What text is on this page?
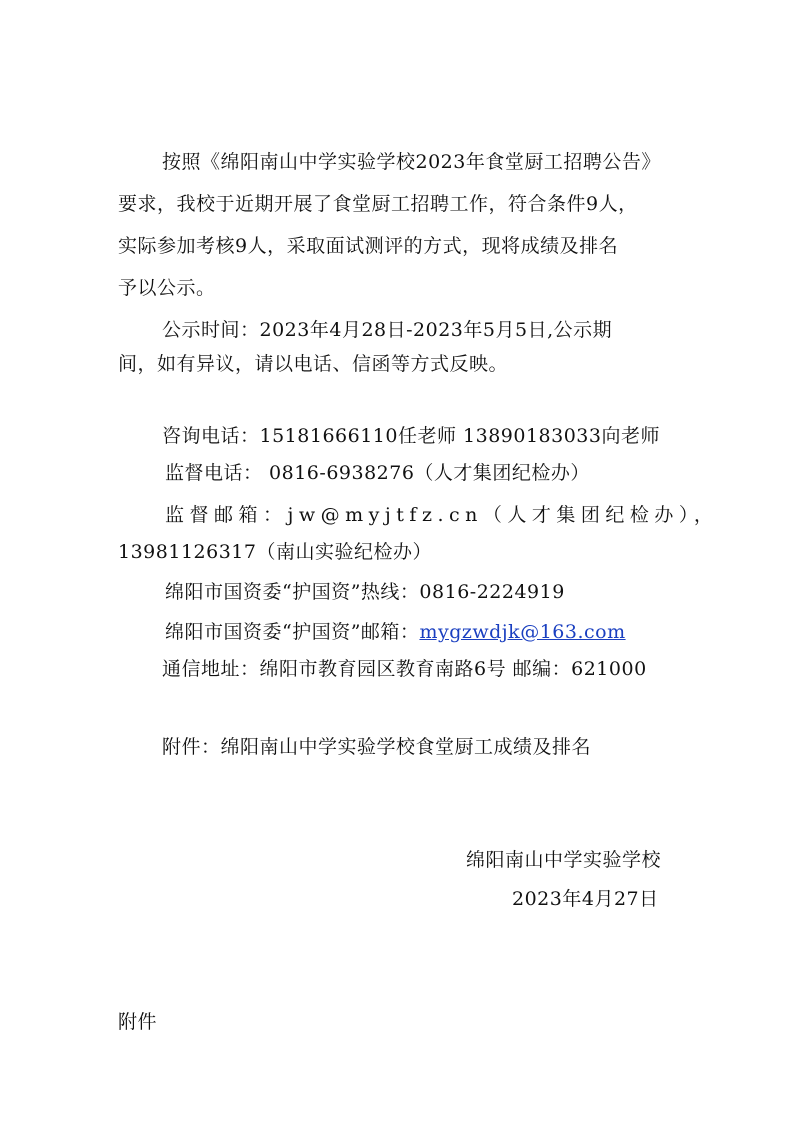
按照《绵阳南山中学实验学校2023年食堂厨工招聘公告》
要求，我校于近期开展了食堂厨工招聘工作，符合条件9人，
实际参加考核9人，采取面试测评的方式，现将成绩及排名
予以公示。
公示时间：2023年4月28日-2023年5月5日,公示期
间，如有异议，请以电话、信函等方式反映。
咨询电话：15181666110任老师 13890183033向老师
监督电话： 0816-6938276（人才集团纪检办）
监督邮箱：jw@myjtfz.cn（人才集团纪检办），
13981126317（南山实验纪检办）
绵阳市国资委“护国资”热线：0816-2224919
绵阳市国资委“护国资”邮箱：mygzwdjk@163.com
通信地址：绵阳市教育园区教育南路6号 邮编：621000
附件：绵阳南山中学实验学校食堂厨工成绩及排名
绵阳南山中学实验学校
2023年4月27日
附件
